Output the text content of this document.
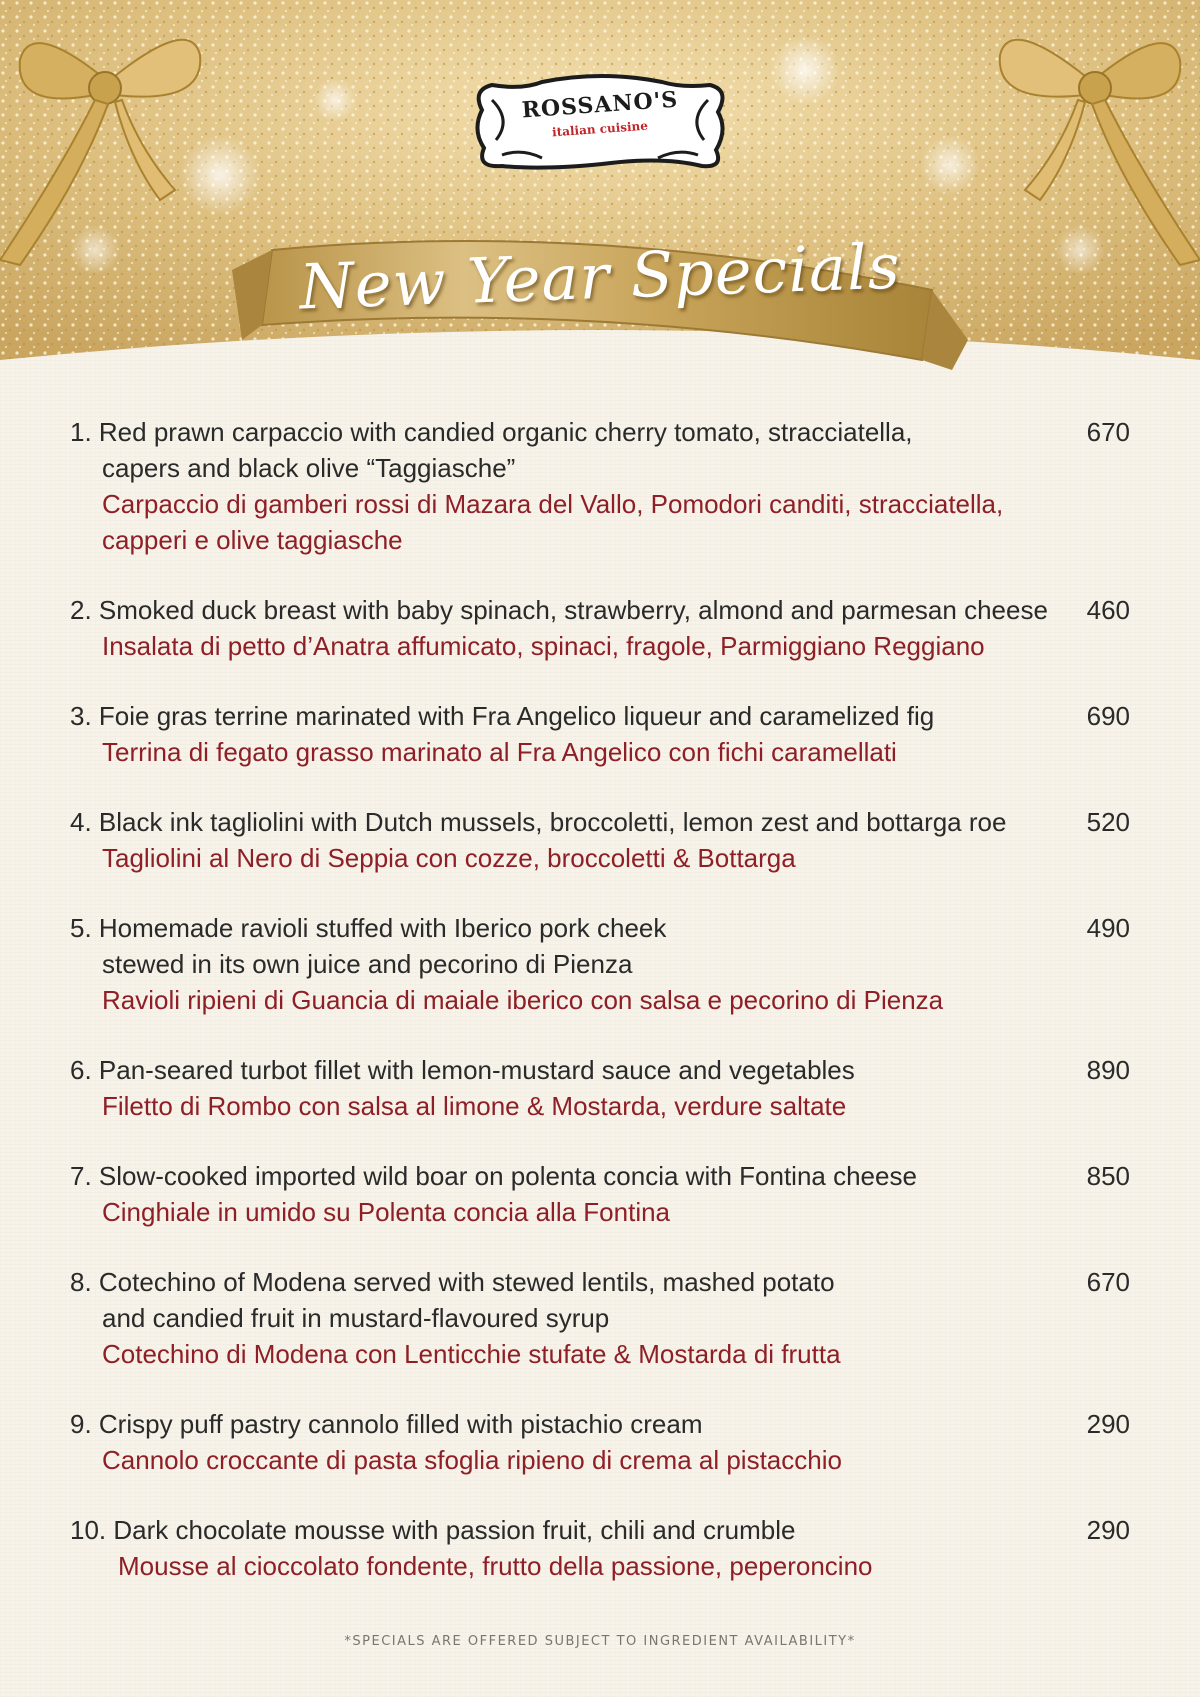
ROSSANO'S
italian cuisine
New Year Specials

1. Red prawn carpaccio with candied organic cherry tomato, stracciatella,
capers and black olive “Taggiasche”

Carpaccio di gamberi rossi di Mazara del Vallo, Pomodori canditi, stracciatella,
capperi e olive taggiasche

670

2. Smoked duck breast with baby spinach, strawberry, almond and parmesan cheese

Insalata di petto d’Anatra affumicato, spinaci, fragole, Parmiggiano Reggiano

460

3. Foie gras terrine marinated with Fra Angelico liqueur and caramelized fig

Terrina di fegato grasso marinato al Fra Angelico con fichi caramellati

690

4. Black ink tagliolini with Dutch mussels, broccoletti, lemon zest and bottarga roe

Tagliolini al Nero di Seppia con cozze, broccoletti & Bottarga

520

5. Homemade ravioli stuffed with Iberico pork cheek
stewed in its own juice and pecorino di Pienza

Ravioli ripieni di Guancia di maiale iberico con salsa e pecorino di Pienza

490

6. Pan-seared turbot fillet with lemon-mustard sauce and vegetables

Filetto di Rombo con salsa al limone & Mostarda, verdure saltate

890

7. Slow-cooked imported wild boar on polenta concia with Fontina cheese

Cinghiale in umido su Polenta concia alla Fontina

850

8. Cotechino of Modena served with stewed lentils, mashed potato
and candied fruit in mustard-flavoured syrup

Cotechino di Modena con Lenticchie stufate & Mostarda di frutta

670

9. Crispy puff pastry cannolo filled with pistachio cream

Cannolo croccante di pasta sfoglia ripieno di crema al pistacchio

290

10. Dark chocolate mousse with passion fruit, chili and crumble

Mousse al cioccolato fondente, frutto della passione, peperoncino

290
*SPECIALS ARE OFFERED SUBJECT TO INGREDIENT AVAILABILITY*
